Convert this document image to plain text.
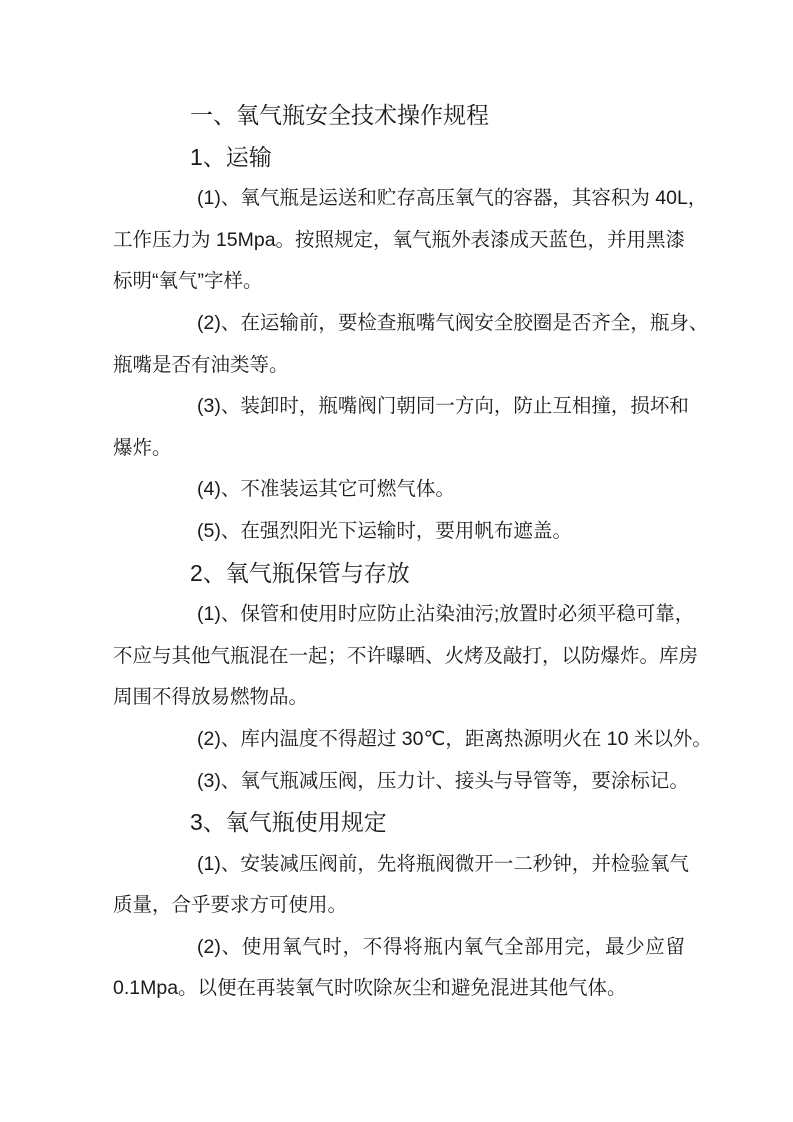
一、氧气瓶安全技术操作规程
1、运输
(1)、氧气瓶是运送和贮存高压氧气的容器，其容积为 40L，
工作压力为 15Mpa。按照规定，氧气瓶外表漆成天蓝色，并用黑漆
标明“氧气”字样。
(2)、在运输前，要检查瓶嘴气阀安全胶圈是否齐全，瓶身、
瓶嘴是否有油类等。
(3)、装卸时，瓶嘴阀门朝同一方向，防止互相撞，损坏和
爆炸。
(4)、不准装运其它可燃气体。
(5)、在强烈阳光下运输时，要用帆布遮盖。
2、氧气瓶保管与存放
(1)、保管和使用时应防止沾染油污;放置时必须平稳可靠，
不应与其他气瓶混在一起；不许曝晒、火烤及敲打，以防爆炸。库房
周围不得放易燃物品。
(2)、库内温度不得超过 30℃，距离热源明火在 10 米以外。
(3)、氧气瓶减压阀，压力计、接头与导管等，要涂标记。
3、氧气瓶使用规定
(1)、安装减压阀前，先将瓶阀微开一二秒钟，并检验氧气
质量，合乎要求方可使用。
(2)、使用氧气时，不得将瓶内氧气全部用完，最少应留
0.1Mpa。以便在再装氧气时吹除灰尘和避免混进其他气体。
